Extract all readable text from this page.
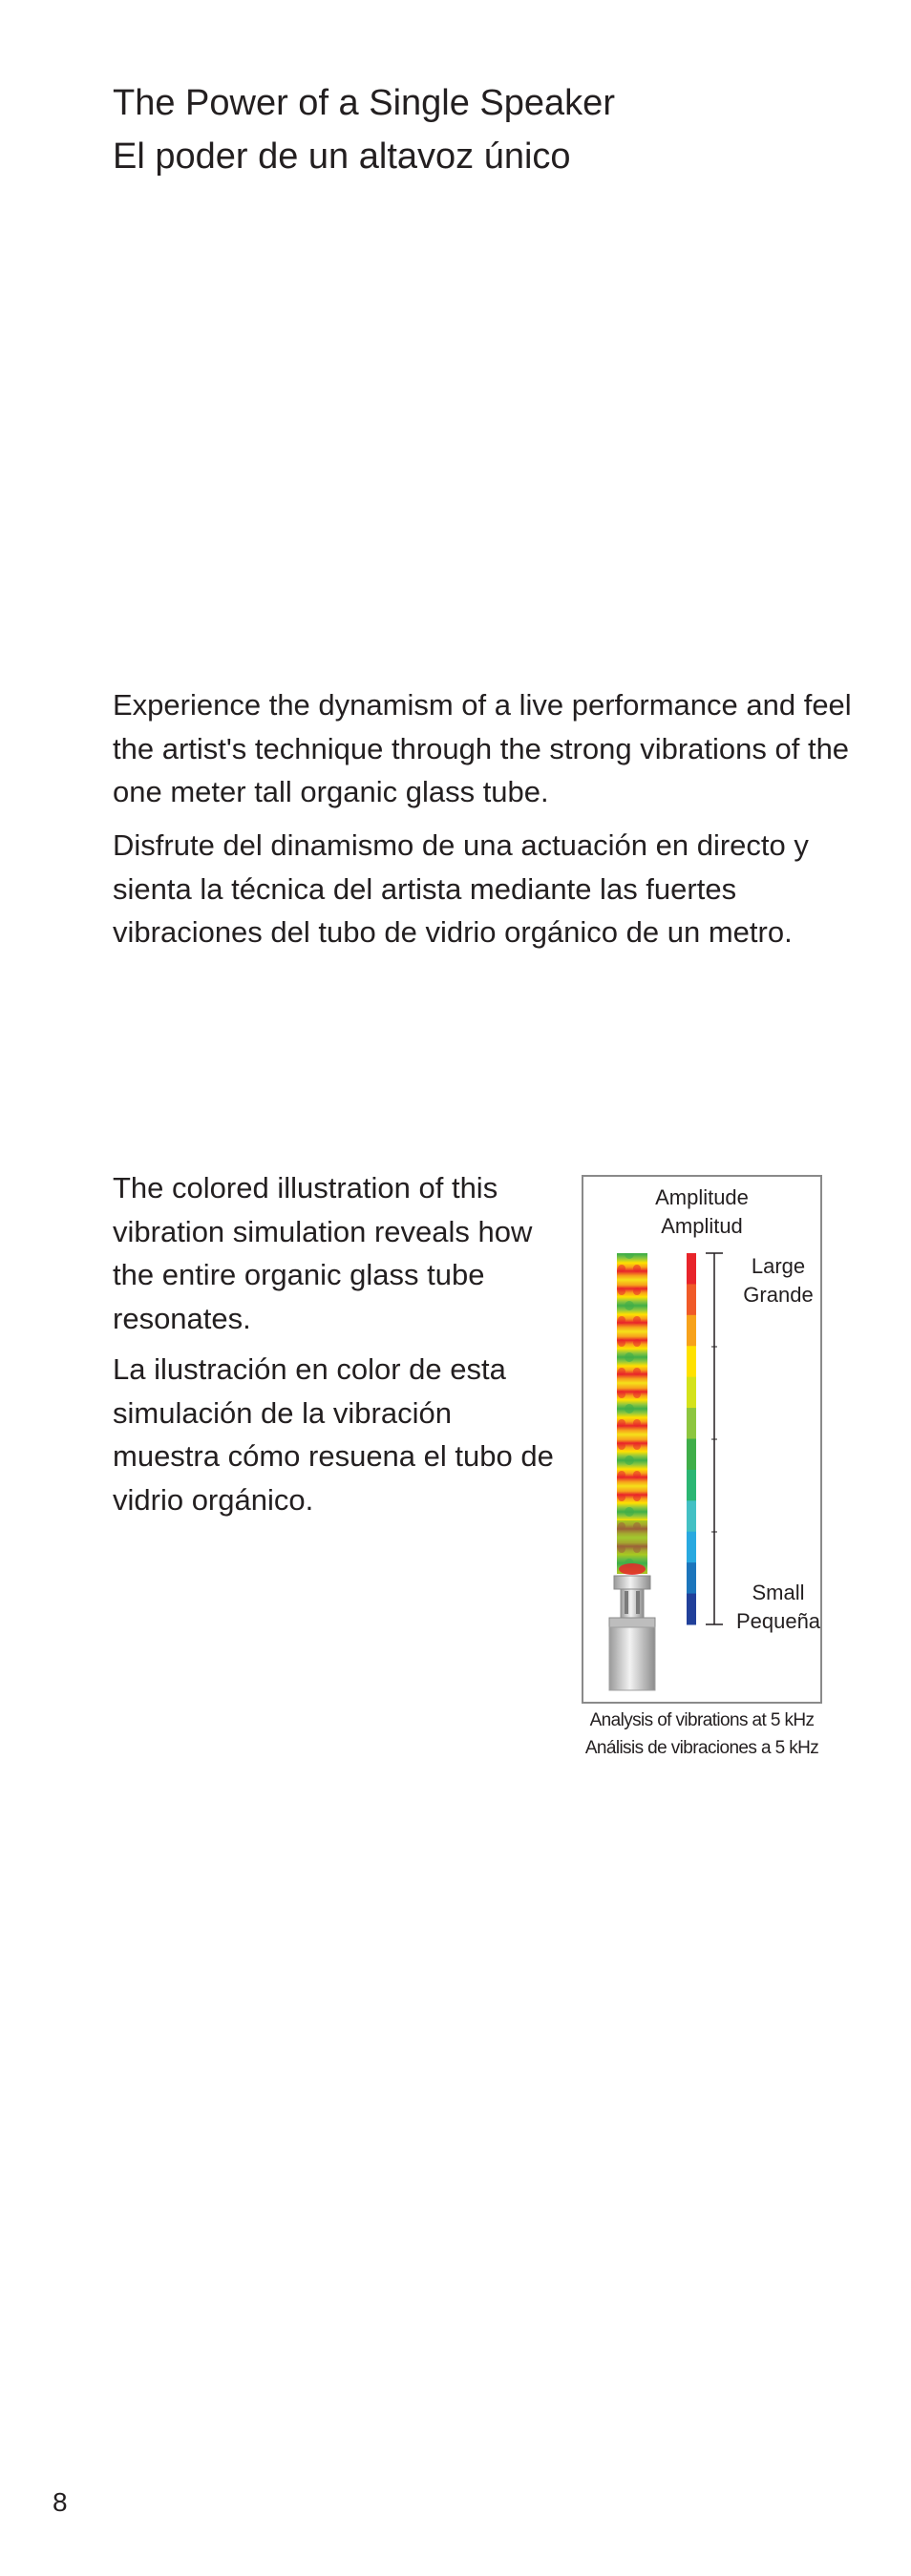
The Power of a Single Speaker
El poder de un altavoz único
Experience the dynamism of a live performance and feel the artist's technique through the strong vibrations of the one meter tall organic glass tube.
Disfrute del dinamismo de una actuación en directo y sienta la técnica del artista mediante las fuertes vibraciones del tubo de vidrio orgánico de un metro.
The colored illustration of this vibration simulation reveals how the entire organic glass tube resonates.
La ilustración en color de esta simulación de la vibración muestra cómo resuena el tubo de vidrio orgánico.
Amplitude
Amplitud
Large
Grande
Small
Pequeña
Analysis of vibrations at 5 kHz
Análisis de vibraciones a 5 kHz
8
